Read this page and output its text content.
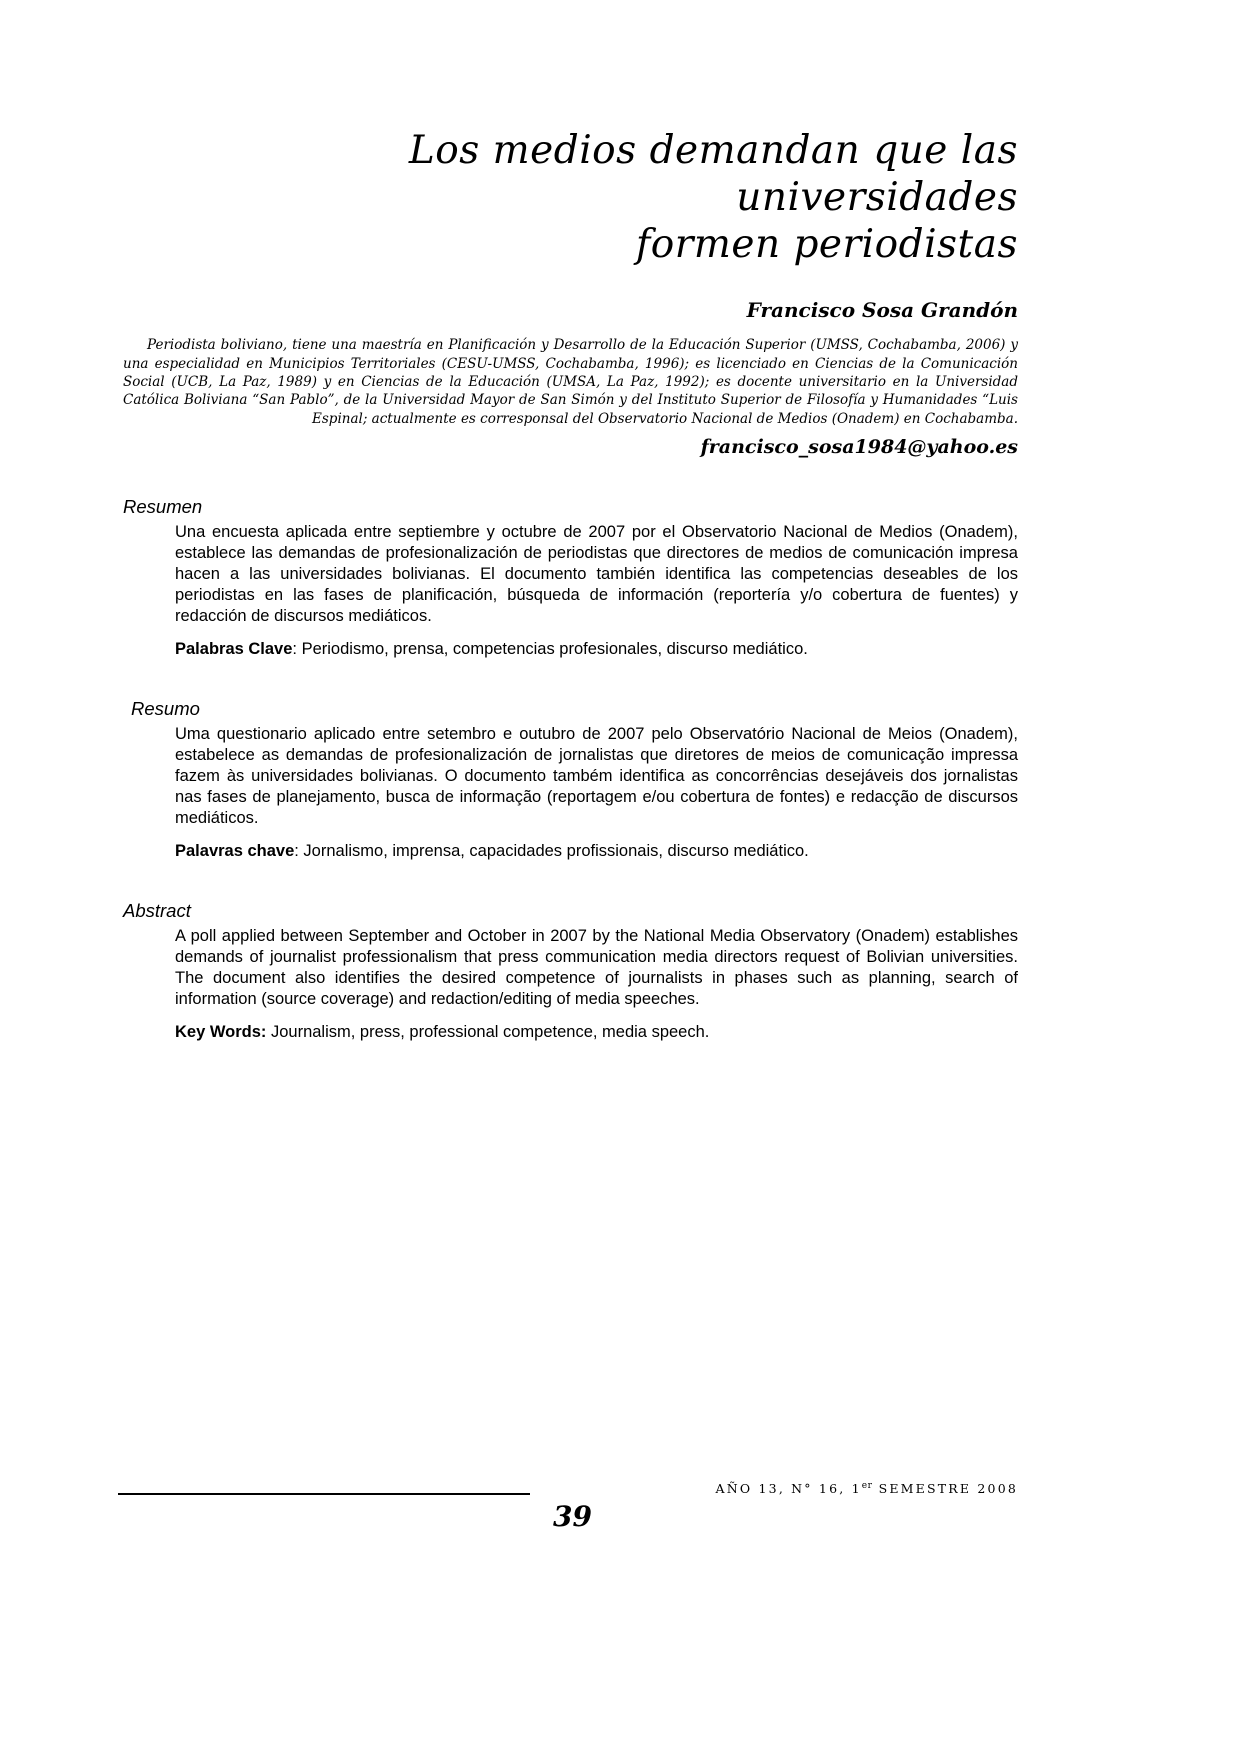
Los medios demandan que las universidades
formen periodistas
Francisco Sosa Grandón

Periodista boliviano, tiene una maestría en Planificación y Desarrollo de la Educación Superior (UMSS, Cochabamba, 2006) y una especialidad en Municipios Territoriales (CESU-UMSS, Cochabamba, 1996); es licenciado en Ciencias de la Comunicación Social (UCB, La Paz, 1989) y en Ciencias de la Educación (UMSA, La Paz, 1992); es docente universitario en la Universidad Católica Boliviana “San Pablo”, de la Universidad Mayor de San Simón y del Instituto Superior de Filosofía y Humanidades “Luis Espinal; actualmente es corresponsal del Observatorio Nacional de Medios (Onadem) en Cochabamba.

francisco_sosa1984@yahoo.es
Resumen

Una encuesta aplicada entre septiembre y octubre de 2007 por el Observatorio Nacional de Medios (Onadem), establece las demandas de profesionalización de periodistas que directores de medios de comunicación impresa hacen a las universidades bolivianas. El documento también identifica las competencias deseables de los periodistas en las fases de planificación, búsqueda de información (reportería y/o cobertura de fuentes) y redacción de discursos mediáticos.

Palabras Clave: Periodismo, prensa, competencias profesionales, discurso mediático.

Resumo

Uma questionario aplicado entre setembro e outubro de 2007 pelo Observatório Nacional de Meios (Onadem), estabelece as demandas de profesionalización de jornalistas que diretores de meios de comunicação impressa fazem às universidades bolivianas. O documento também identifica as concorrências desejáveis dos jornalistas nas fases de planejamento, busca de informação (reportagem e/ou cobertura de fontes) e redacção de discursos mediáticos.

Palavras chave: Jornalismo, imprensa, capacidades profissionais, discurso mediático.

Abstract

A poll applied between September and October in 2007 by the National Media Observatory (Onadem) establishes demands of journalist professionalism that press communication media directors request of Bolivian universities. The document also identifies the desired competence of journalists in phases such as planning, search of information (source coverage) and redaction/editing of media speeches.

Key Words: Journalism, press, professional competence, media speech.

AÑO 13, N° 16, 1er SEMESTRE 2008
39
